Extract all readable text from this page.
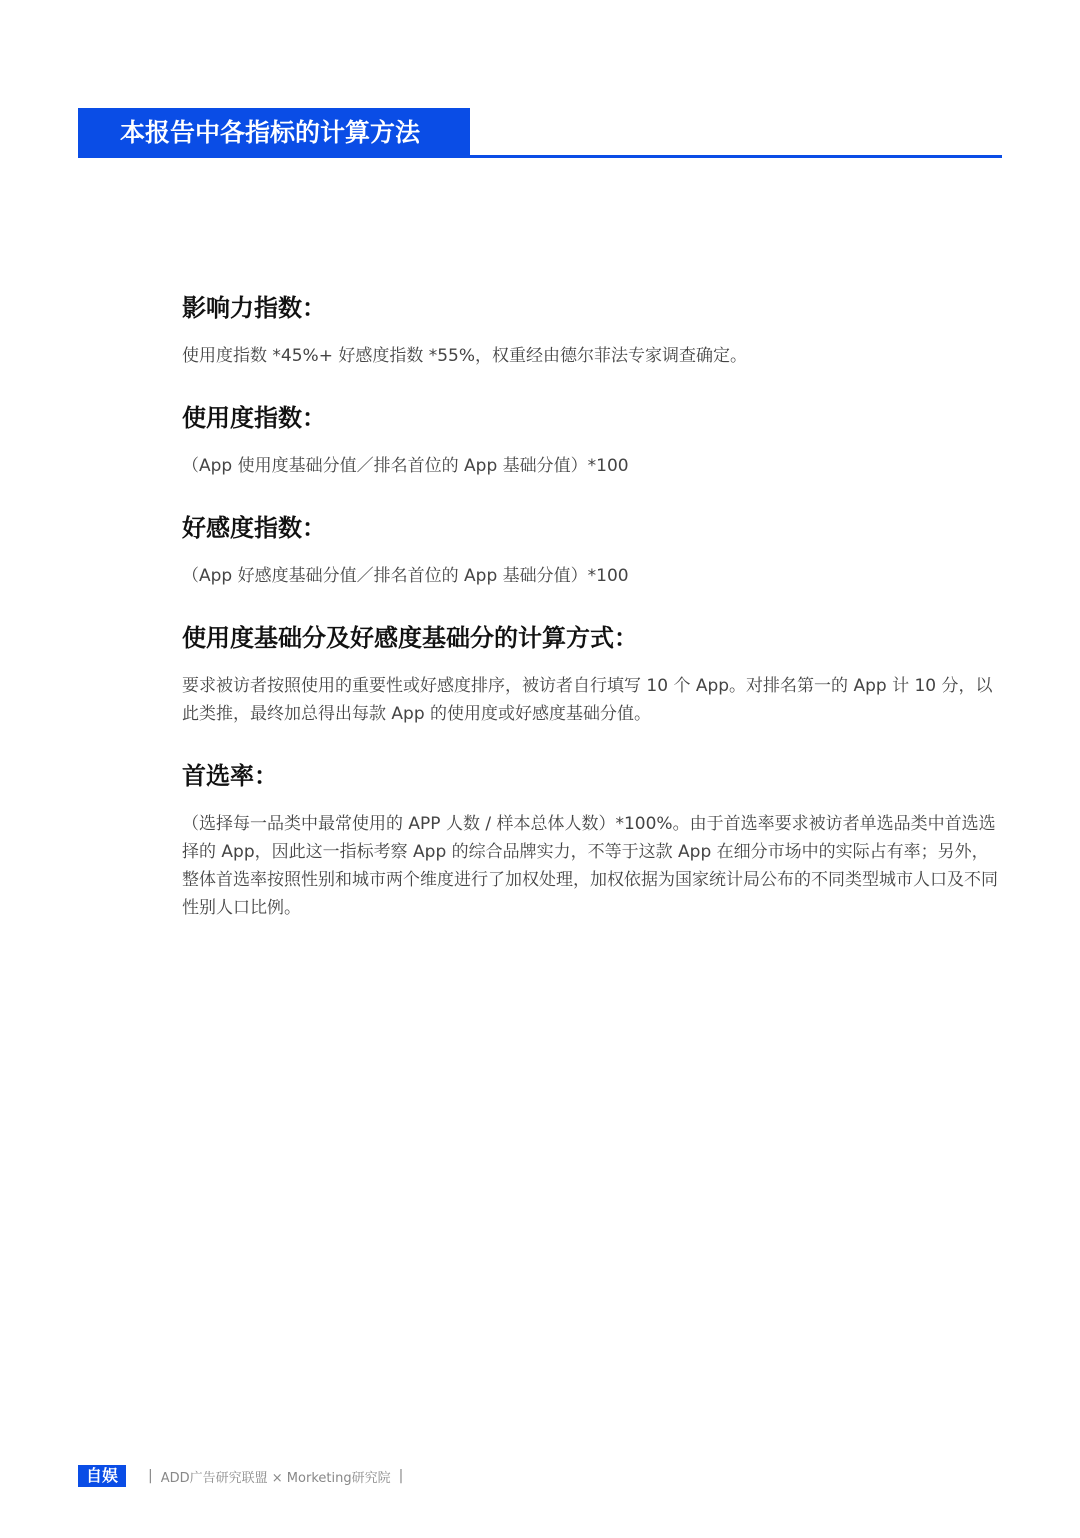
本报告中各指标的计算方法
影响力指数：

使用度指数 *45%+ 好感度指数 *55%，权重经由德尔菲法专家调查确定。

使用度指数：

（App 使用度基础分值／排名首位的 App 基础分值）*100

好感度指数：

（App 好感度基础分值／排名首位的 App 基础分值）*100

使用度基础分及好感度基础分的计算方式：

要求被访者按照使用的重要性或好感度排序，被访者自行填写 10 个 App。对排名第一的 App 计 10 分，以此类推，最终加总得出每款 App 的使用度或好感度基础分值。

首选率：

（选择每一品类中最常使用的 APP 人数 / 样本总体人数）*100%。由于首选率要求被访者单选品类中首选选择的 App，因此这一指标考察 App 的综合品牌实力，不等于这款 App 在细分市场中的实际占有率；另外，整体首选率按照性别和城市两个维度进行了加权处理，加权依据为国家统计局公布的不同类型城市人口及不同性别人口比例。

自娱	| ADD广告研究联盟 × Morketing研究院 |
